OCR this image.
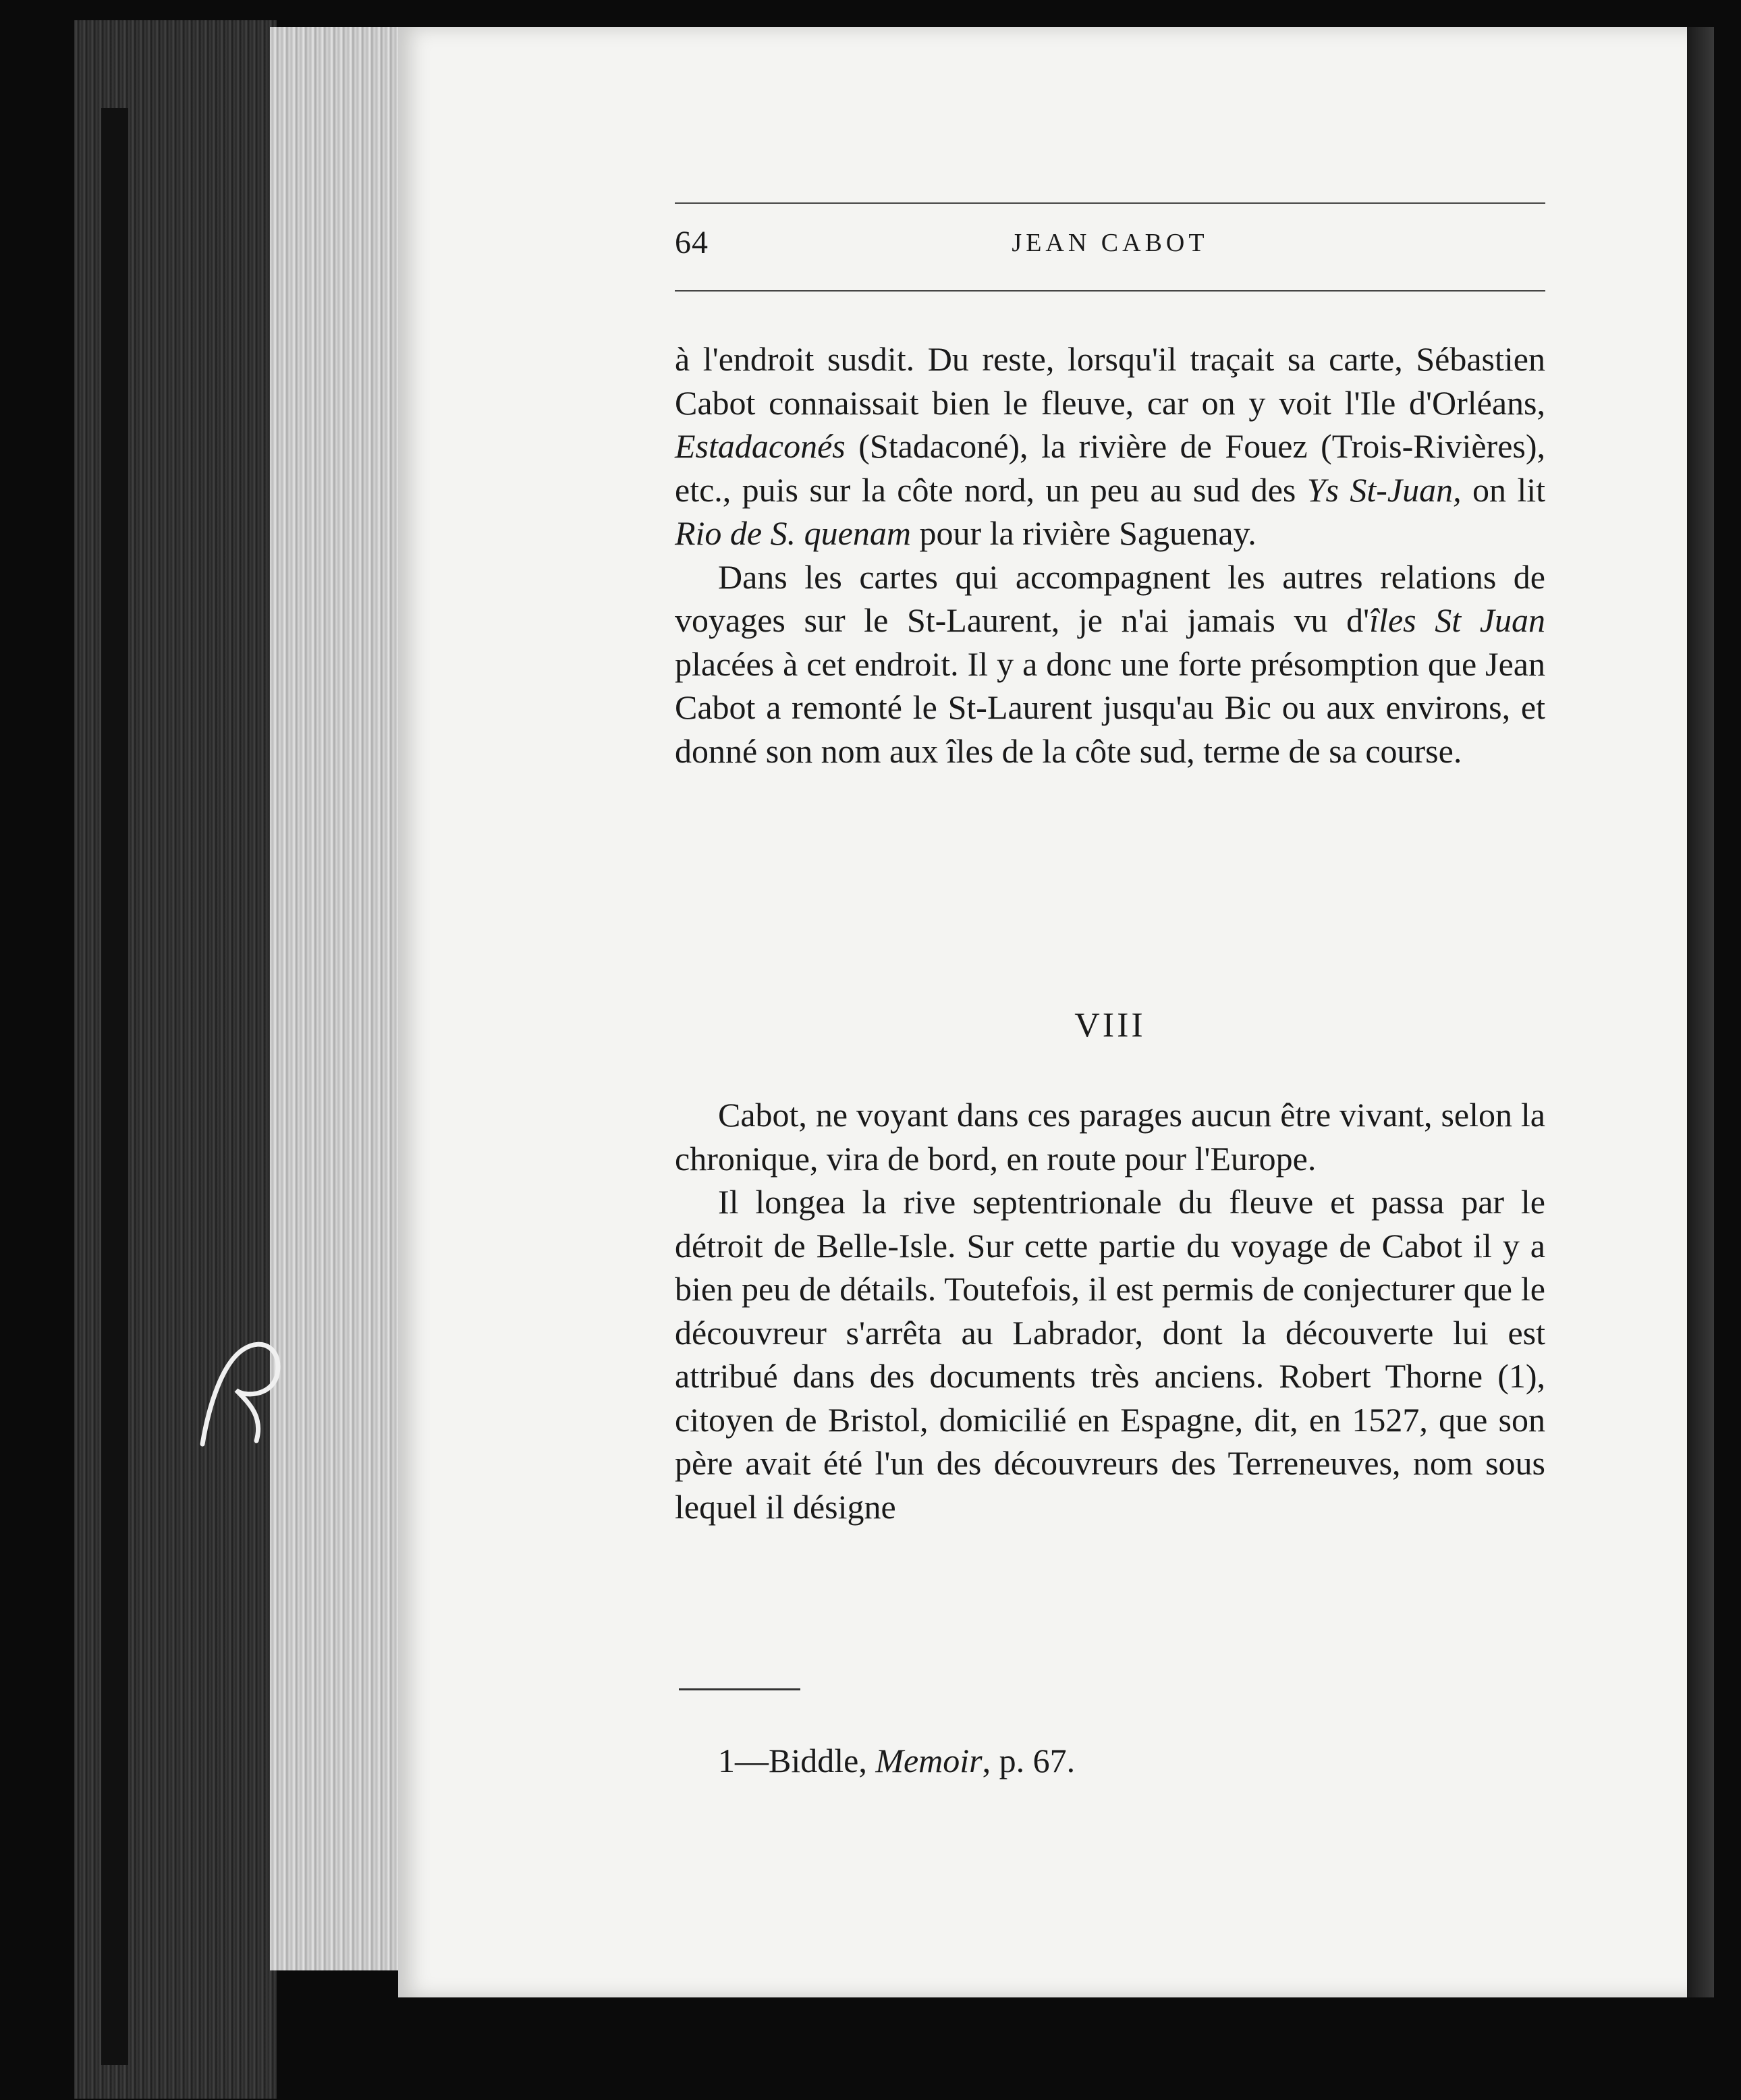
64	JEAN CABOT

à l'endroit susdit. Du reste, lorsqu'il traçait sa carte, Sébastien Cabot connaissait bien le fleuve, car on y voit l'Ile d'Orléans, Estadaconés (Stadaconé), la rivière de Fouez (Trois-Rivières), etc., puis sur la côte nord, un peu au sud des Ys St-Juan, on lit Rio de S. quenam pour la rivière Saguenay.

Dans les cartes qui accompagnent les autres relations de voyages sur le St-Laurent, je n'ai jamais vu d'îles St Juan placées à cet endroit. Il y a donc une forte présomption que Jean Cabot a remonté le St-Laurent jusqu'au Bic ou aux environs, et donné son nom aux îles de la côte sud, terme de sa course.

VIII

Cabot, ne voyant dans ces parages aucun être vivant, selon la chronique, vira de bord, en route pour l'Europe.

Il longea la rive septentrionale du fleuve et passa par le détroit de Belle-Isle. Sur cette partie du voyage de Cabot il y a bien peu de détails. Toutefois, il est permis de conjecturer que le découvreur s'arrêta au Labrador, dont la découverte lui est attribué dans des documents très anciens. Robert Thorne (1), citoyen de Bristol, domicilié en Espagne, dit, en 1527, que son père avait été l'un des découvreurs des Terreneuves, nom sous lequel il désigne

1—Biddle, Memoir, p. 67.
